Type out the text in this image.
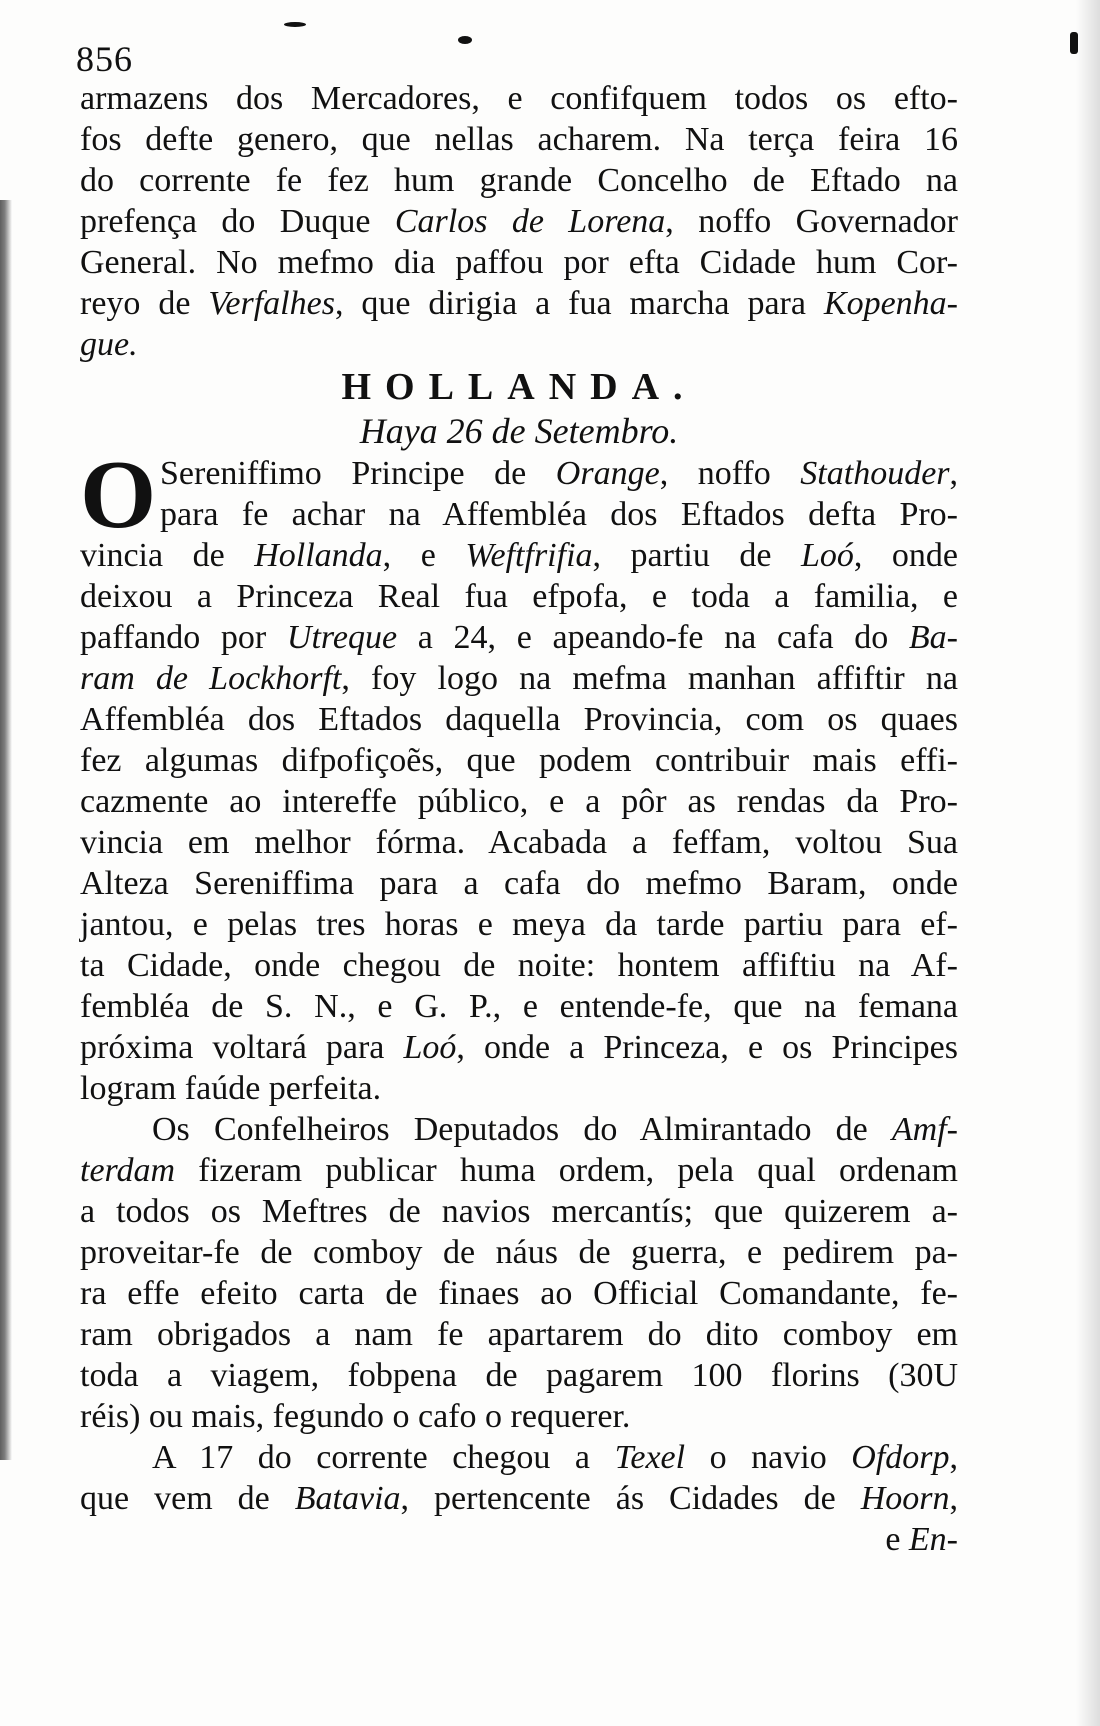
856
armazens dos Mercadores, e confifquem todos os efto-
fos defte genero, que nellas acharem. Na terça feira 16
do corrente fe fez hum grande Concelho de Eftado na
prefença do Duque Carlos de Lorena, noffo Governador
General. No mefmo dia paffou por efta Cidade hum Cor-
reyo de Verfalhes, que dirigia a fua marcha para Kopenha-
gue.
HOLLANDA.
Haya 26 de Setembro.
O Sereniffimo Principe de Orange, noffo Stathouder,
para fe achar na Affembléa dos Eftados defta Pro-
vincia de Hollanda, e Weftfrifia, partiu de Loó, onde
deixou a Princeza Real fua efpofa, e toda a familia, e
paffando por Utreque a 24, e apeando-fe na cafa do Ba-
ram de Lockhorft, foy logo na mefma manhan affiftir na
Affembléa dos Eftados daquella Provincia, com os quaes
fez algumas difpofiçoẽs, que podem contribuir mais effi-
cazmente ao intereffe público, e a pôr as rendas da Pro-
vincia em melhor fórma. Acabada a feffam, voltou Sua
Alteza Sereniffima para a cafa do mefmo Baram, onde
jantou, e pelas tres horas e meya da tarde partiu para ef-
ta Cidade, onde chegou de noite: hontem affiftiu na Af-
fembléa de S. N., e G. P., e entende-fe, que na femana
próxima voltará para Loó, onde a Princeza, e os Principes
logram faúde perfeita.
Os Confelheiros Deputados do Almirantado de Amf-
terdam fizeram publicar huma ordem, pela qual ordenam
a todos os Meftres de navios mercantís; que quizerem a-
proveitar-fe de comboy de náus de guerra, e pedirem pa-
ra effe efeito carta de finaes ao Official Comandante, fe-
ram obrigados a nam fe apartarem do dito comboy em
toda a viagem, fobpena de pagarem 100 florins (30U
réis) ou mais, fegundo o cafo o requerer.
A 17 do corrente chegou a Texel o navio Ofdorp,
que vem de Batavia, pertencente ás Cidades de Hoorn,
e En-
